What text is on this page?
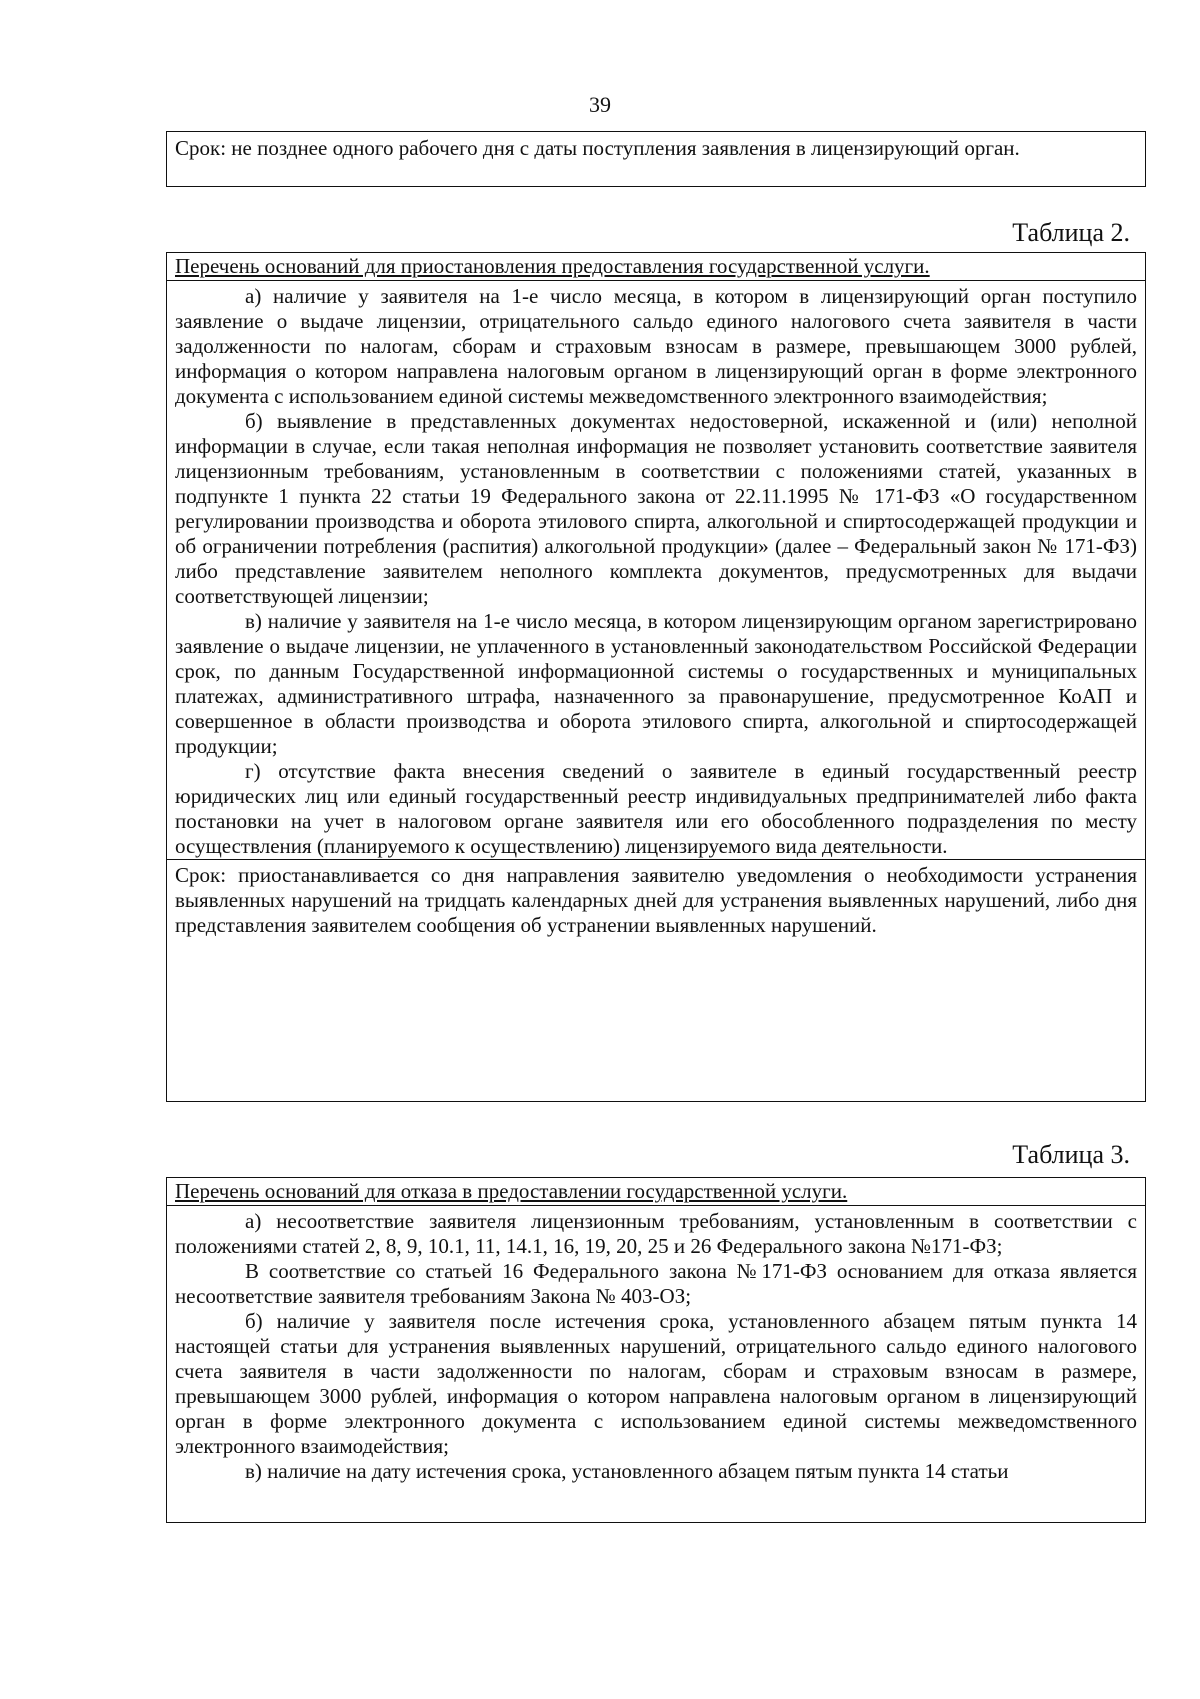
39
Срок: не позднее одного рабочего дня с даты поступления заявления в лицензирующий орган.
Таблица 2.
Перечень оснований для приостановления предоставления государственной услуги.

а) наличие у заявителя на 1-е число месяца, в котором в лицензирующий орган поступило заявление о выдаче лицензии, отрицательного сальдо единого налогового счета заявителя в части задолженности по налогам, сборам и страховым взносам в размере, превышающем 3000 рублей, информация о котором направлена налоговым органом в лицензирующий орган в форме электронного документа с использованием единой системы межведомственного электронного взаимодействия;

б) выявление в представленных документах недостоверной, искаженной и (или) неполной информации в случае, если такая неполная информация не позволяет установить соответствие заявителя лицензионным требованиям, установленным в соответствии с положениями статей, указанных в подпункте 1 пункта 22 статьи 19 Федерального закона от 22.11.1995 № 171-ФЗ «О государственном регулировании производства и оборота этилового спирта, алкогольной и спиртосодержащей продукции и об ограничении потребления (распития) алкогольной продукции» (далее – Федеральный закон № 171-ФЗ) либо представление заявителем неполного комплекта документов, предусмотренных для выдачи соответствующей лицензии;

в) наличие у заявителя на 1-е число месяца, в котором лицензирующим органом зарегистрировано заявление о выдаче лицензии, не уплаченного в установленный законодательством Российской Федерации срок, по данным Государственной информационной системы о государственных и муниципальных платежах, административного штрафа, назначенного за правонарушение, предусмотренное КоАП и совершенное в области производства и оборота этилового спирта, алкогольной и спиртосодержащей продукции;

г) отсутствие факта внесения сведений о заявителе в единый государственный реестр юридических лиц или единый государственный реестр индивидуальных предпринимателей либо факта постановки на учет в налоговом органе заявителя или его обособленного подразделения по месту осуществления (планируемого к осуществлению) лицензируемого вида деятельности.

Срок: приостанавливается со дня направления заявителю уведомления о необходимости устранения выявленных нарушений на тридцать календарных дней для устранения выявленных нарушений, либо дня представления заявителем сообщения об устранении выявленных нарушений.
Таблица 3.
Перечень оснований для отказа в предоставлении государственной услуги.

а) несоответствие заявителя лицензионным требованиям, установленным в соответствии с положениями статей 2, 8, 9, 10.1, 11, 14.1, 16, 19, 20, 25 и 26 Федерального закона №171-ФЗ;

В соответствие со статьей 16 Федерального закона №171-ФЗ основанием для отказа является несоответствие заявителя требованиям Закона № 403-ОЗ;

б) наличие у заявителя после истечения срока, установленного абзацем пятым пункта 14 настоящей статьи для устранения выявленных нарушений, отрицательного сальдо единого налогового счета заявителя в части задолженности по налогам, сборам и страховым взносам в размере, превышающем 3000 рублей, информация о котором направлена налоговым органом в лицензирующий орган в форме электронного документа с использованием единой системы межведомственного электронного взаимодействия;

в) наличие на дату истечения срока, установленного абзацем пятым пункта 14 статьи
